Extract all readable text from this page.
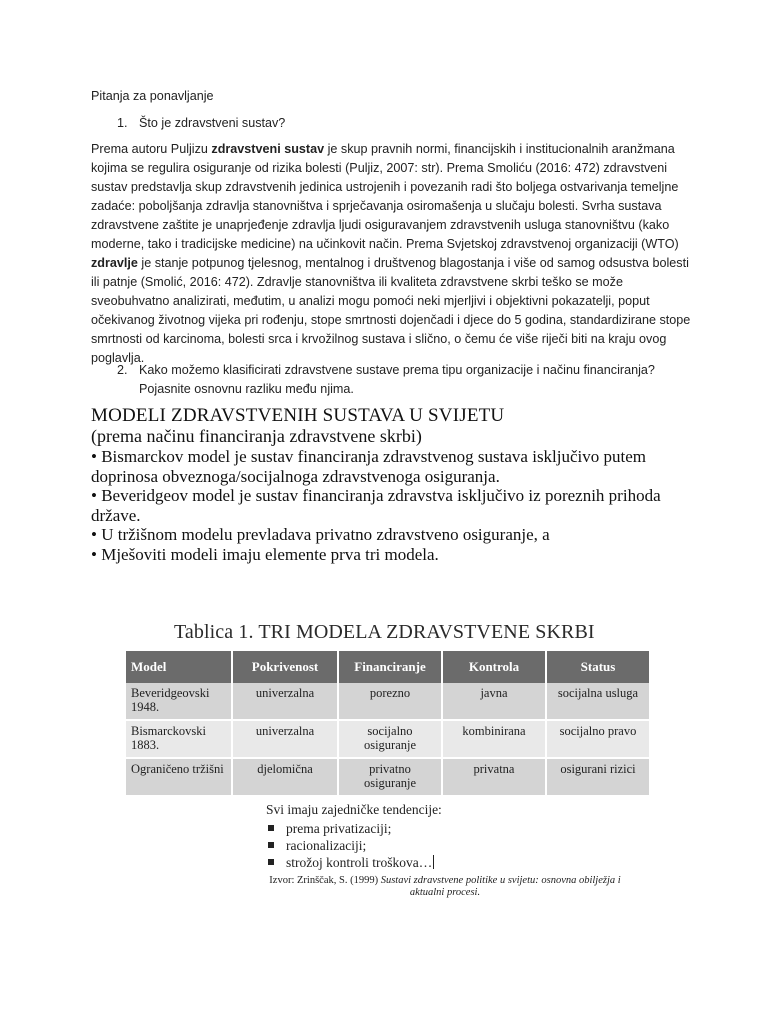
Pitanja za ponavljanje
1. Što je zdravstveni sustav?

Prema autoru Puljizu zdravstveni sustav je skup pravnih normi, financijskih i institucionalnih aranžmana kojima se regulira osiguranje od rizika bolesti (Puljiz, 2007: str). Prema Smoliću (2016: 472) zdravstveni sustav predstavlja skup zdravstvenih jedinica ustrojenih i povezanih radi što boljega ostvarivanja temeljne zadaće: poboljšanja zdravlja stanovništva i sprječavanja osiromašenja u slučaju bolesti. Svrha sustava zdravstvene zaštite je unaprjeđenje zdravlja ljudi osiguravanjem zdravstvenih usluga stanovništvu (kako moderne, tako i tradicijske medicine) na učinkovit način. Prema Svjetskoj zdravstvenoj organizaciji (WTO) zdravlje je stanje potpunog tjelesnog, mentalnog i društvenog blagostanja i više od samog odsustva bolesti ili patnje (Smolić, 2016: 472). Zdravlje stanovništva ili kvaliteta zdravstvene skrbi teško se može sveobuhvatno analizirati, međutim, u analizi mogu pomoći neki mjerljivi i objektivni pokazatelji, poput očekivanog životnog vijeka pri rođenju, stope smrtnosti dojenčadi i djece do 5 godina, standardizirane stope smrtnosti od karcinoma, bolesti srca i krvožilnog sustava i slično, o čemu će više riječi biti na kraju ovog poglavlja.

2. Kako možemo klasificirati zdravstvene sustave prema tipu organizacije i načinu financiranja?
Pojasnite osnovnu razliku među njima.
MODELI ZDRAVSTVENIH SUSTAVA U SVIJETU
(prema načinu financiranja zdravstvene skrbi)
• Bismarckov model je sustav financiranja zdravstvenog sustava isključivo putem doprinosa obveznoga/socijalnoga zdravstvenoga osiguranja.
• Beveridgeov model je sustav financiranja zdravstva isključivo iz poreznih prihoda države.
• U tržišnom modelu prevladava privatno zdravstveno osiguranje, a
• Mješoviti modeli imaju elemente prva tri modela.
Tablica 1. TRI MODELA ZDRAVSTVENE SKRBI
Model	Pokrivenost	Financiranje	Kontrola	Status
Beveridgeovski 1948.	univerzalna	porezno	javna	socijalna usluga
Bismarckovski 1883.	univerzalna	socijalno osiguranje	kombinirana	socijalno pravo
Ograničeno tržišni	djelomična	privatno osiguranje	privatna	osigurani rizici
Svi imaju zajedničke tendencije:
prema privatizaciji;
racionalizaciji;
strožoj kontroli troškova…
Izvor: Zrinščak, S. (1999) Sustavi zdravstvene politike u svijetu: osnovna obilježja i aktualni procesi.
